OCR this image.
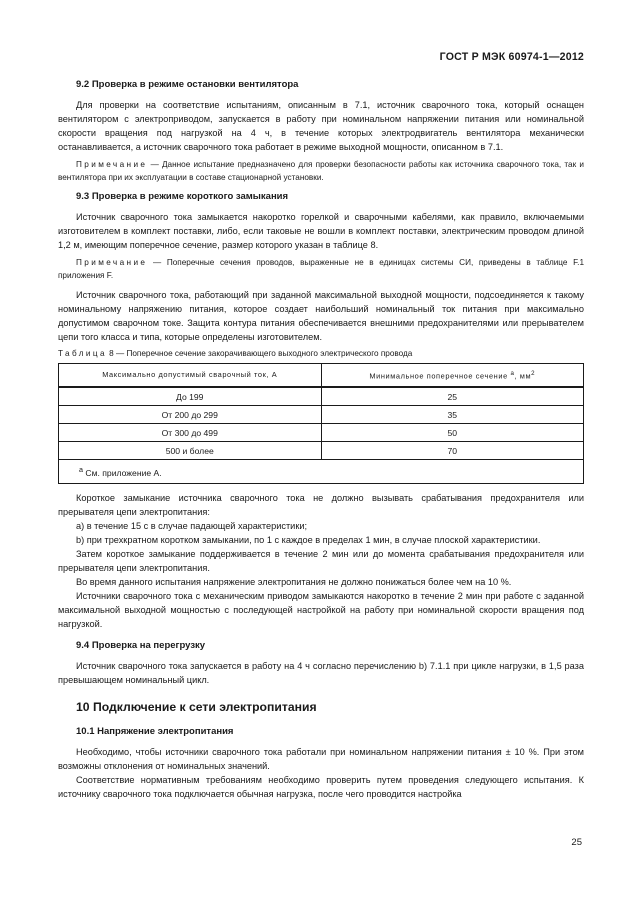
ГОСТ Р МЭК 60974-1—2012
9.2 Проверка в режиме остановки вентилятора
Для проверки на соответствие испытаниям, описанным в 7.1, источник сварочного тока, который оснащен вентилятором с электроприводом, запускается в работу при номинальном напряжении питания или номинальной скорости вращения под нагрузкой на 4 ч, в течение которых электродвигатель вентилятора механически останавливается, а источник сварочного тока работает в режиме выходной мощности, описанном в 7.1.
Примечание — Данное испытание предназначено для проверки безопасности работы как источника сварочного тока, так и вентилятора при их эксплуатации в составе стационарной установки.
9.3 Проверка в режиме короткого замыкания
Источник сварочного тока замыкается накоротко горелкой и сварочными кабелями, как правило, включаемыми изготовителем в комплект поставки, либо, если таковые не вошли в комплект поставки, электрическим проводом длиной 1,2 м, имеющим поперечное сечение, размер которого указан в таблице 8.
Примечание — Поперечные сечения проводов, выраженные не в единицах системы СИ, приведены в таблице F.1 приложения F.
Источник сварочного тока, работающий при заданной максимальной выходной мощности, подсоединяется к такому номинальному напряжению питания, которое создает наибольший номинальный ток питания при максимально допустимом сварочном токе. Защита контура питания обеспечивается внешними предохранителями или прерывателем цепи того класса и типа, которые определены изготовителем.
Таблица 8 — Поперечное сечение закорачивающего выходного электрического провода
Максимально допустимый сварочный ток, А	Минимальное поперечное сечение $^a$, $мм^2$
До 199	25
От 200 до 299	35
От 300 до 499	50
500 и более	70
$^a$ См. приложение А.	
Короткое замыкание источника сварочного тока не должно вызывать срабатывания предохранителя или прерывателя цепи электропитания:
a) в течение 15 с в случае падающей характеристики;
b) при трехкратном коротком замыкании, по 1 с каждое в пределах 1 мин, в случае плоской характеристики.
Затем короткое замыкание поддерживается в течение 2 мин или до момента срабатывания предохранителя или прерывателя цепи электропитания.
Во время данного испытания напряжение электропитания не должно понижаться более чем на 10 %.
Источники сварочного тока с механическим приводом замыкаются накоротко в течение 2 мин при работе с заданной максимальной выходной мощностью с последующей настройкой на работу при номинальной скорости вращения под нагрузкой.
9.4 Проверка на перегрузку
Источник сварочного тока запускается в работу на 4 ч согласно перечислению b) 7.1.1 при цикле нагрузки, в 1,5 раза превышающем номинальный цикл.
10 Подключение к сети электропитания
10.1 Напряжение электропитания
Необходимо, чтобы источники сварочного тока работали при номинальном напряжении питания ± 10 %. При этом возможны отклонения от номинальных значений.
Соответствие нормативным требованиям необходимо проверить путем проведения следующего испытания. К источнику сварочного тока подключается обычная нагрузка, после чего проводится настройка
25
